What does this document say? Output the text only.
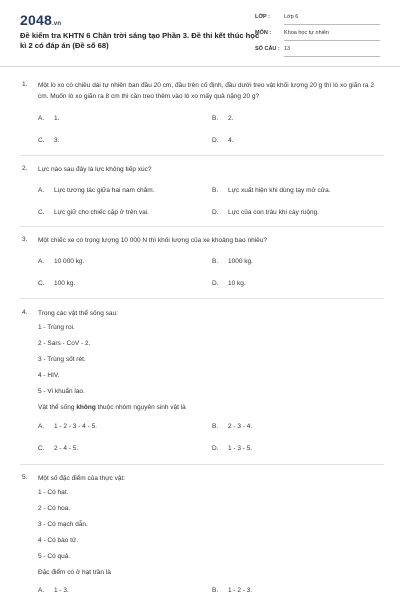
2048.vn
Đề kiểm tra KHTN 6 Chân trời sáng tạo Phần 3. Đề thi kết thúc học kì 2 có đáp án (Đề số 68)
LỚP :	Lớp 6
MÔN : Khoa học tự nhiên
SỐ CÂU : 13
1. Một lò xo có chiều dài tự nhiên ban đầu 20 cm, đầu trên cố định, đầu dưới treo vật khối lượng 20 g thì lò xo giãn ra 2 cm. Muốn lò xo giãn ra 8 cm thì cần treo thêm vào lò xo mấy quả nặng 20 g?
A. 1.	B. 2.
C. 3.	D. 4.
2. Lực nào sau đây là lực không tiếp xúc?
A. Lực tương tác giữa hai nam châm.	B. Lực xuất hiện khi dùng tay mở cửa.
C. Lực giữ cho chiếc cặp ở trên vai.	D. Lực của con trâu khi cày ruộng.
3. Một chiếc xe có trọng lượng 10 000 N thì khối lượng của xe khoảng bao nhiêu?
A. 10 000 kg.	B. 1000 kg.
C. 100 kg.	D. 10 kg.
4. Trong các vật thể sống sau:
1 - Trùng roi.
2 - Sars - CoV - 2.
3 - Trùng sốt rét.
4 - HIV.
5 - Vi khuẩn lao.
Vật thể sống không thuộc nhóm nguyên sinh vật là
A. 1 - 2 - 3 - 4 - 5.	B. 2 - 3 - 4.
C. 2 - 4 - 5.	D. 1 - 3 - 5.
5. Một số đặc điểm của thực vật:
1 - Có hạt.
2 - Có hoa.
3 - Có mạch dẫn.
4 - Có bào tử.
5 - Có quả.
Đặc điểm có ở hạt trần là
A. 1 - 3.	B. 1 - 2 - 3.
